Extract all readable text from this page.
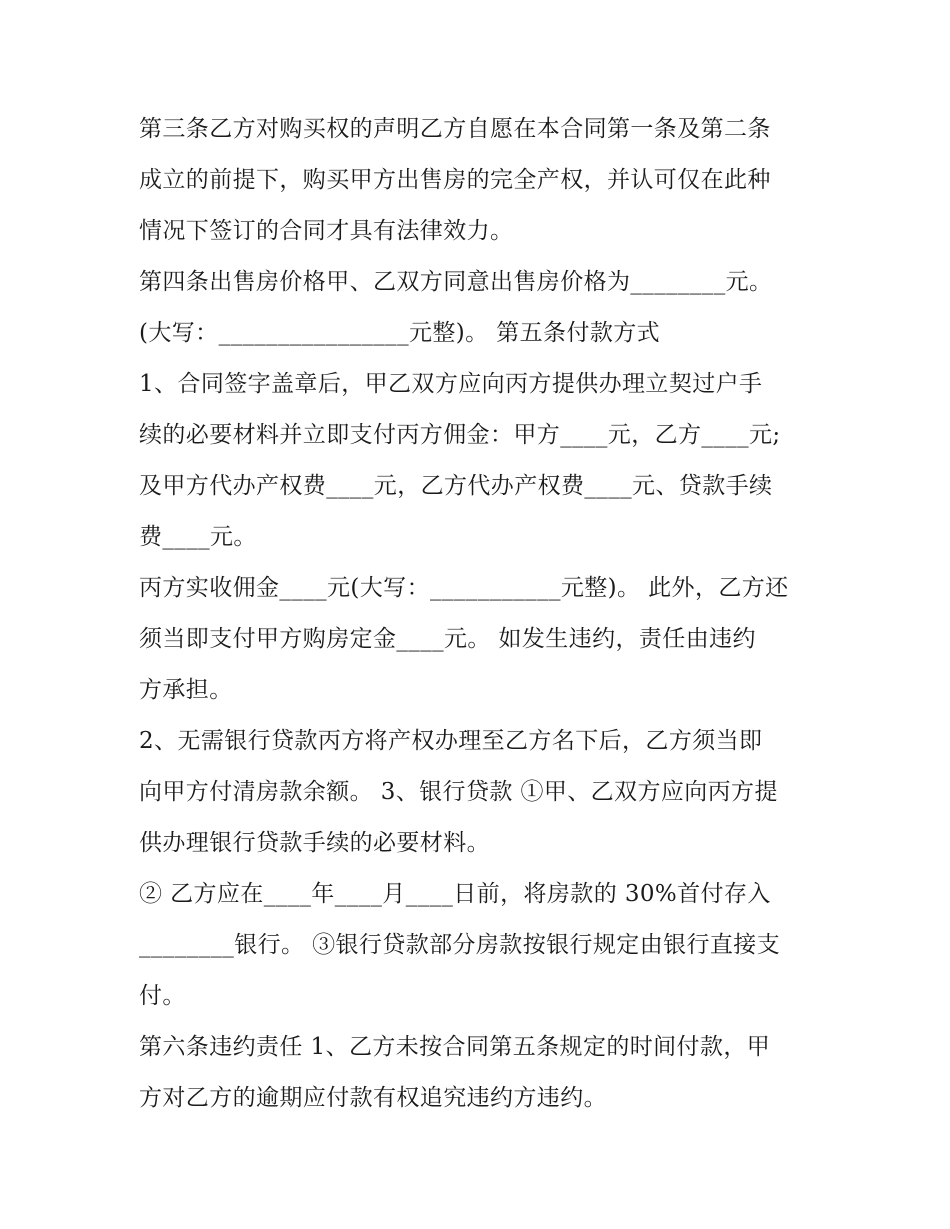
第三条乙方对购买权的声明乙方自愿在本合同第一条及第二条
成立的前提下，购买甲方出售房的完全产权，并认可仅在此种
情况下签订的合同才具有法律效力。
第四条出售房价格甲、乙双方同意出售房价格为________元。
(大写：________________元整)。 第五条付款方式
1、合同签字盖章后，甲乙双方应向丙方提供办理立契过户手
续的必要材料并立即支付丙方佣金：甲方____元，乙方____元;
及甲方代办产权费____元，乙方代办产权费____元、贷款手续
费____元。
丙方实收佣金____元(大写：___________元整)。 此外，乙方还
须当即支付甲方购房定金____元。 如发生违约，责任由违约
方承担。
2、无需银行贷款丙方将产权办理至乙方名下后，乙方须当即
向甲方付清房款余额。 3、银行贷款 ①甲、乙双方应向丙方提
供办理银行贷款手续的必要材料。
② 乙方应在____年____月____日前，将房款的 30%首付存入
________银行。 ③银行贷款部分房款按银行规定由银行直接支
付。
第六条违约责任 1、乙方未按合同第五条规定的时间付款，甲
方对乙方的逾期应付款有权追究违约方违约。
